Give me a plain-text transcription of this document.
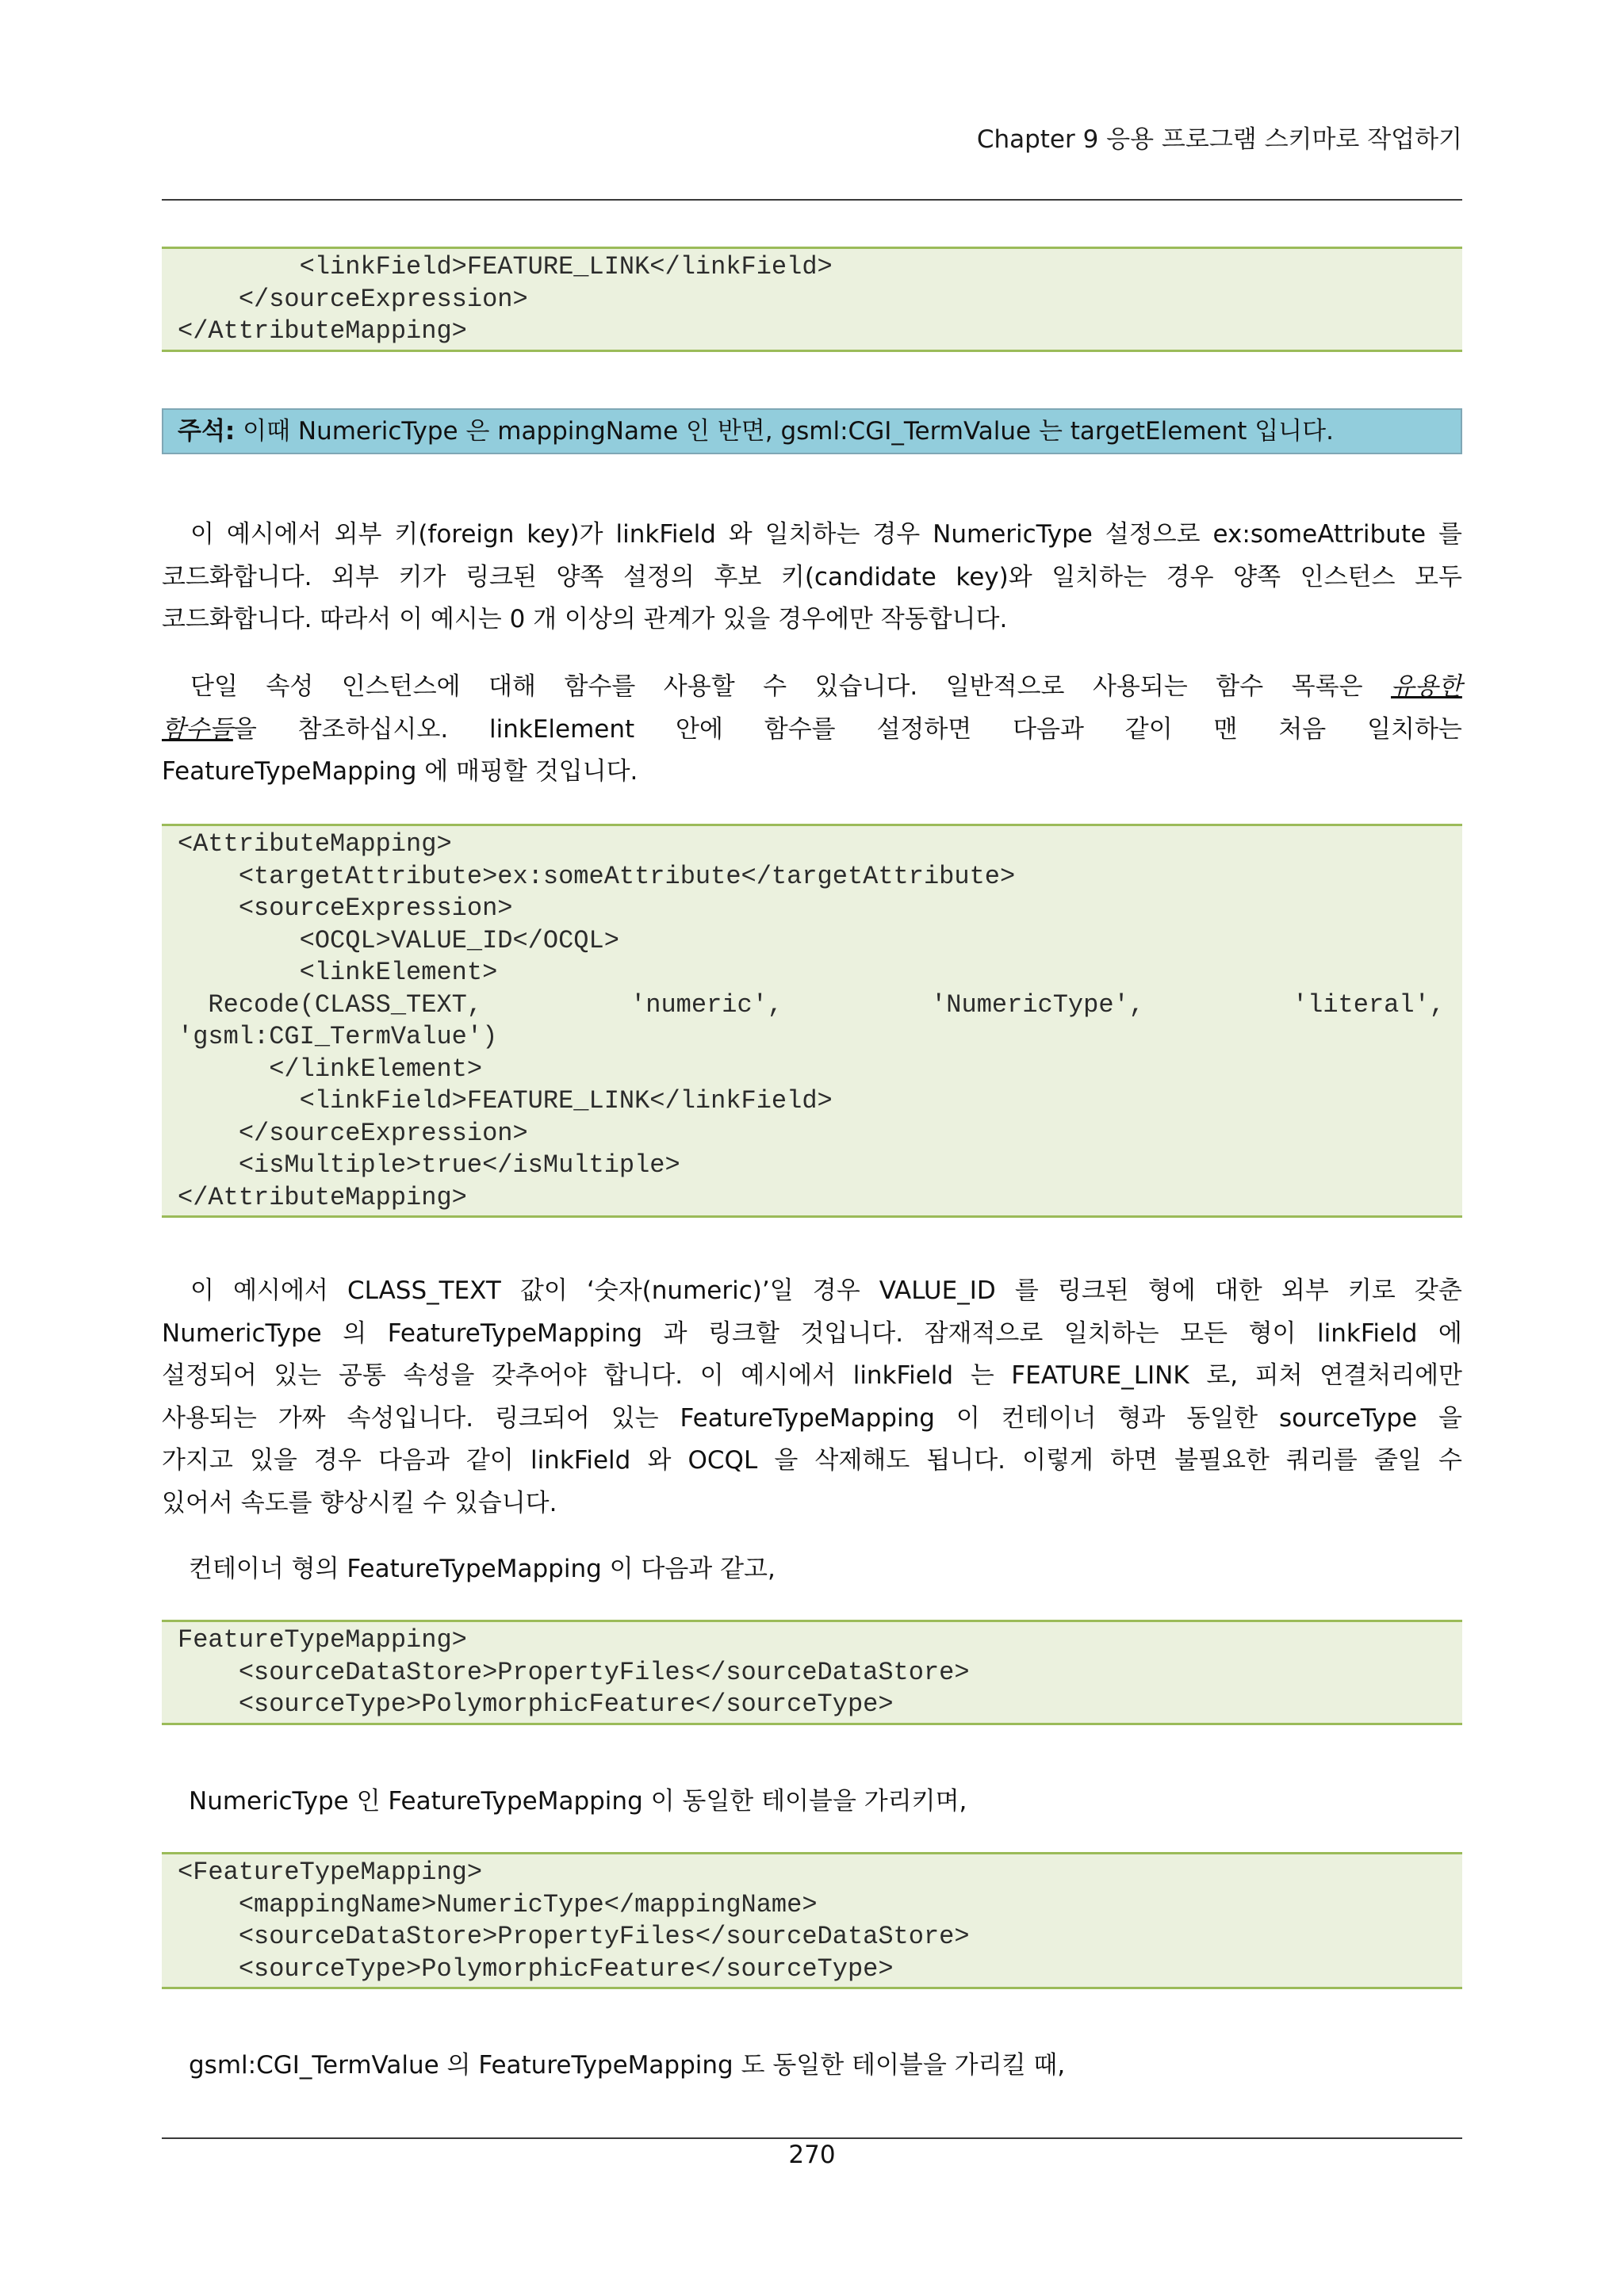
Chapter 9 응용 프로그램 스키마로 작업하기
<linkField>FEATURE_LINK</linkField>
</sourceExpression>
</AttributeMapping>
주석: 이때 NumericType 은 mappingName 인 반면, gsml:CGI_TermValue 는 targetElement 입니다.
이 예시에서 외부 키(foreign key)가 linkField 와 일치하는 경우 NumericType 설정으로 ex:someAttribute 를
코드화합니다. 외부 키가 링크된 양쪽 설정의 후보 키(candidate key)와 일치하는 경우 양쪽 인스턴스 모두
코드화합니다. 따라서 이 예시는 0 개 이상의 관계가 있을 경우에만 작동합니다.
단일 속성 인스턴스에 대해 함수를 사용할 수 있습니다. 일반적으로 사용되는 함수 목록은 유용한
함수들을 참조하십시오. linkElement 안에 함수를 설정하면 다음과 같이 맨 처음 일치하는
FeatureTypeMapping 에 매핑할 것입니다.
<AttributeMapping>
<targetAttribute>ex:someAttribute</targetAttribute>
<sourceExpression>
<OCQL>VALUE_ID</OCQL>
<linkElement>
Recode(CLASS_TEXT,	'numeric',	'NumericType',	'literal',
'gsml:CGI_TermValue')
</linkElement>
<linkField>FEATURE_LINK</linkField>
</sourceExpression>
<isMultiple>true</isMultiple>
</AttributeMapping>
이 예시에서 CLASS_TEXT 값이 ‘숫자(numeric)’일 경우 VALUE_ID 를 링크된 형에 대한 외부 키로 갖춘
NumericType 의 FeatureTypeMapping 과 링크할 것입니다. 잠재적으로 일치하는 모든 형이 linkField 에
설정되어 있는 공통 속성을 갖추어야 합니다. 이 예시에서 linkField 는 FEATURE_LINK 로, 피처 연결처리에만
사용되는 가짜 속성입니다. 링크되어 있는 FeatureTypeMapping 이 컨테이너 형과 동일한 sourceType 을
가지고 있을 경우 다음과 같이 linkField 와 OCQL 을 삭제해도 됩니다. 이렇게 하면 불필요한 쿼리를 줄일 수
있어서 속도를 향상시킬 수 있습니다.
컨테이너 형의 FeatureTypeMapping 이 다음과 같고,
FeatureTypeMapping>
<sourceDataStore>PropertyFiles</sourceDataStore>
<sourceType>PolymorphicFeature</sourceType>
NumericType 인 FeatureTypeMapping 이 동일한 테이블을 가리키며,
<FeatureTypeMapping>
<mappingName>NumericType</mappingName>
<sourceDataStore>PropertyFiles</sourceDataStore>
<sourceType>PolymorphicFeature</sourceType>
gsml:CGI_TermValue 의 FeatureTypeMapping 도 동일한 테이블을 가리킬 때,
270
